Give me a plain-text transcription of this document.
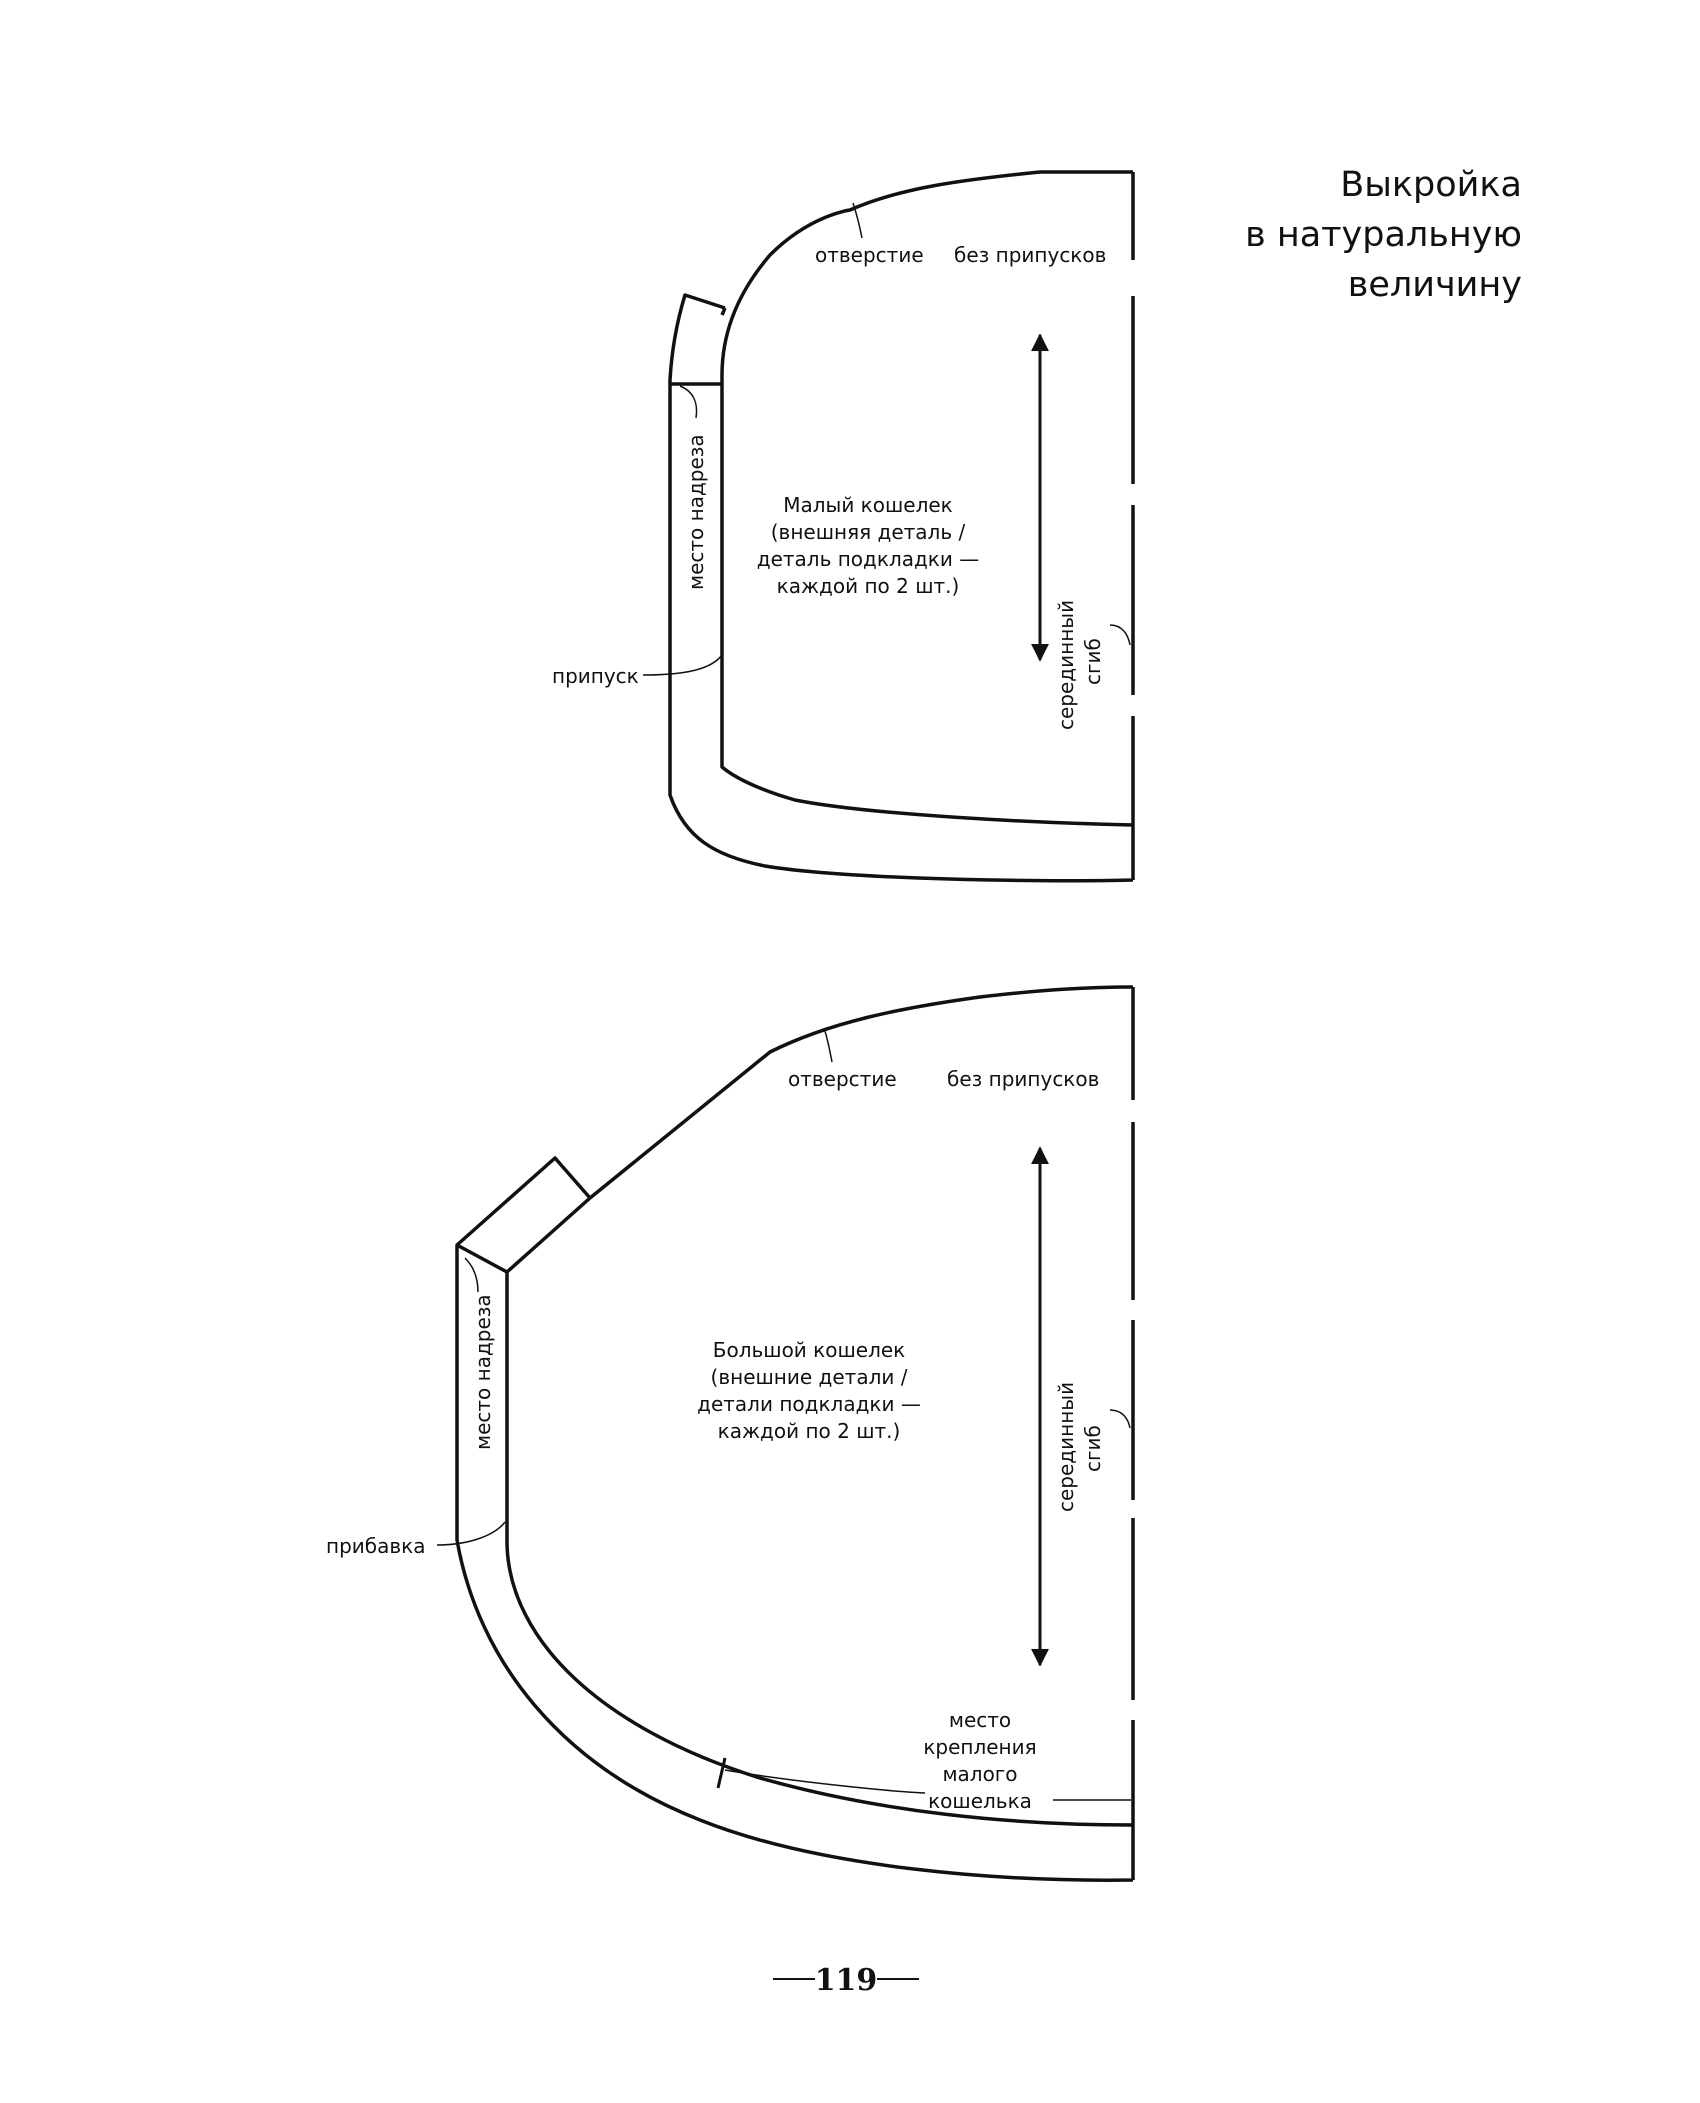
Выкройка
в натуральную
величину
отверстие без припусков
место надреза
припуск	серединный сгиб
Малый кошелек
(внешняя деталь /
деталь подкладки —
каждой по 2 шт.)
отверстие	без припусков
место надреза
прибавка
серединный сгиб
Большой кошелек
(внешние детали /
детали подкладки —
каждой по 2 шт.)
место
крепления
малого
кошелька
119
